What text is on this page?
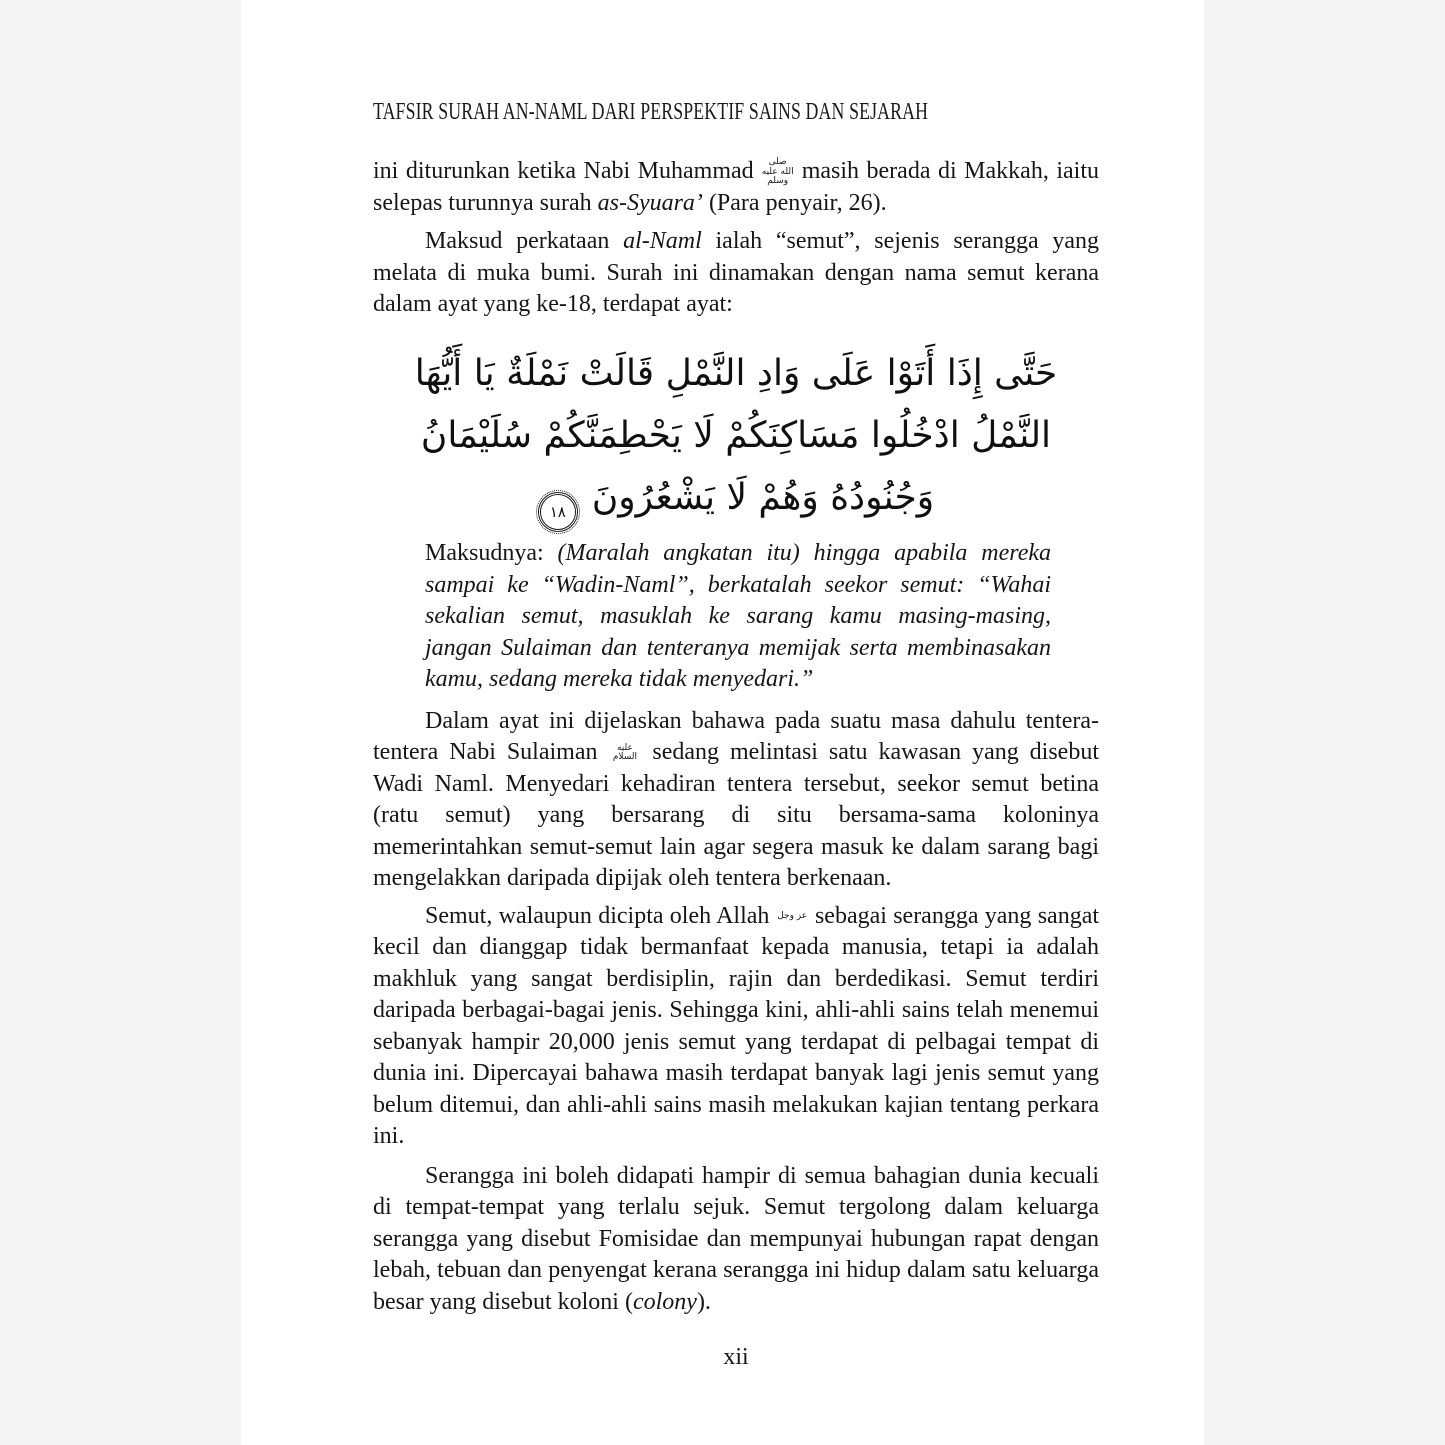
TAFSIR SURAH AN-NAML DARI PERSPEKTIF SAINS DAN SEJARAH

ini diturunkan ketika Nabi Muhammad صلى الله عليه وسلم masih berada di Makkah, iaitu selepas turunnya surah as-Syuara’ (Para penyair, 26).

Maksud perkataan al-Naml ialah “semut”, sejenis serangga yang melata di muka bumi. Surah ini dinamakan dengan nama semut kerana dalam ayat yang ke-18, terdapat ayat:

حَتَّى إِذَا أَتَوْا عَلَى وَادِ النَّمْلِ قَالَتْ نَمْلَةٌ يَا أَيُّهَا
النَّمْلُ ادْخُلُوا مَسَاكِنَكُمْ لَا يَحْطِمَنَّكُمْ سُلَيْمَانُ
وَجُنُودُهُ وَهُمْ لَا يَشْعُرُونَ
١٨

Maksudnya: (Maralah angkatan itu) hingga apabila mereka sampai ke “Wadin-Naml”, berkatalah seekor semut: “Wahai sekalian semut, masuklah ke sarang kamu masing-masing, jangan Sulaiman dan tenteranya memijak serta membinasakan kamu, sedang mereka tidak menyedari.”

Dalam ayat ini dijelaskan bahawa pada suatu masa dahulu tentera-tentera Nabi Sulaiman عليه السلام sedang melintasi satu kawasan yang disebut Wadi Naml. Menyedari kehadiran tentera tersebut, seekor semut betina (ratu semut) yang bersarang di situ bersama-sama koloninya memerintahkan semut-semut lain agar segera masuk ke dalam sarang bagi mengelakkan daripada dipijak oleh tentera berkenaan.

Semut, walaupun dicipta oleh Allah عز وجل sebagai serangga yang sangat kecil dan dianggap tidak bermanfaat kepada manusia, tetapi ia adalah makhluk yang sangat berdisiplin, rajin dan berdedikasi. Semut terdiri daripada berbagai-bagai jenis. Sehingga kini, ahli-ahli sains telah menemui sebanyak hampir 20,000 jenis semut yang terdapat di pelbagai tempat di dunia ini. Dipercayai bahawa masih terdapat banyak lagi jenis semut yang belum ditemui, dan ahli-ahli sains masih melakukan kajian tentang perkara ini.

Serangga ini boleh didapati hampir di semua bahagian dunia kecuali di tempat-tempat yang terlalu sejuk. Semut tergolong dalam keluarga serangga yang disebut Fomisidae dan mempunyai hubungan rapat dengan lebah, tebuan dan penyengat kerana serangga ini hidup dalam satu keluarga besar yang disebut koloni (colony).

xii
